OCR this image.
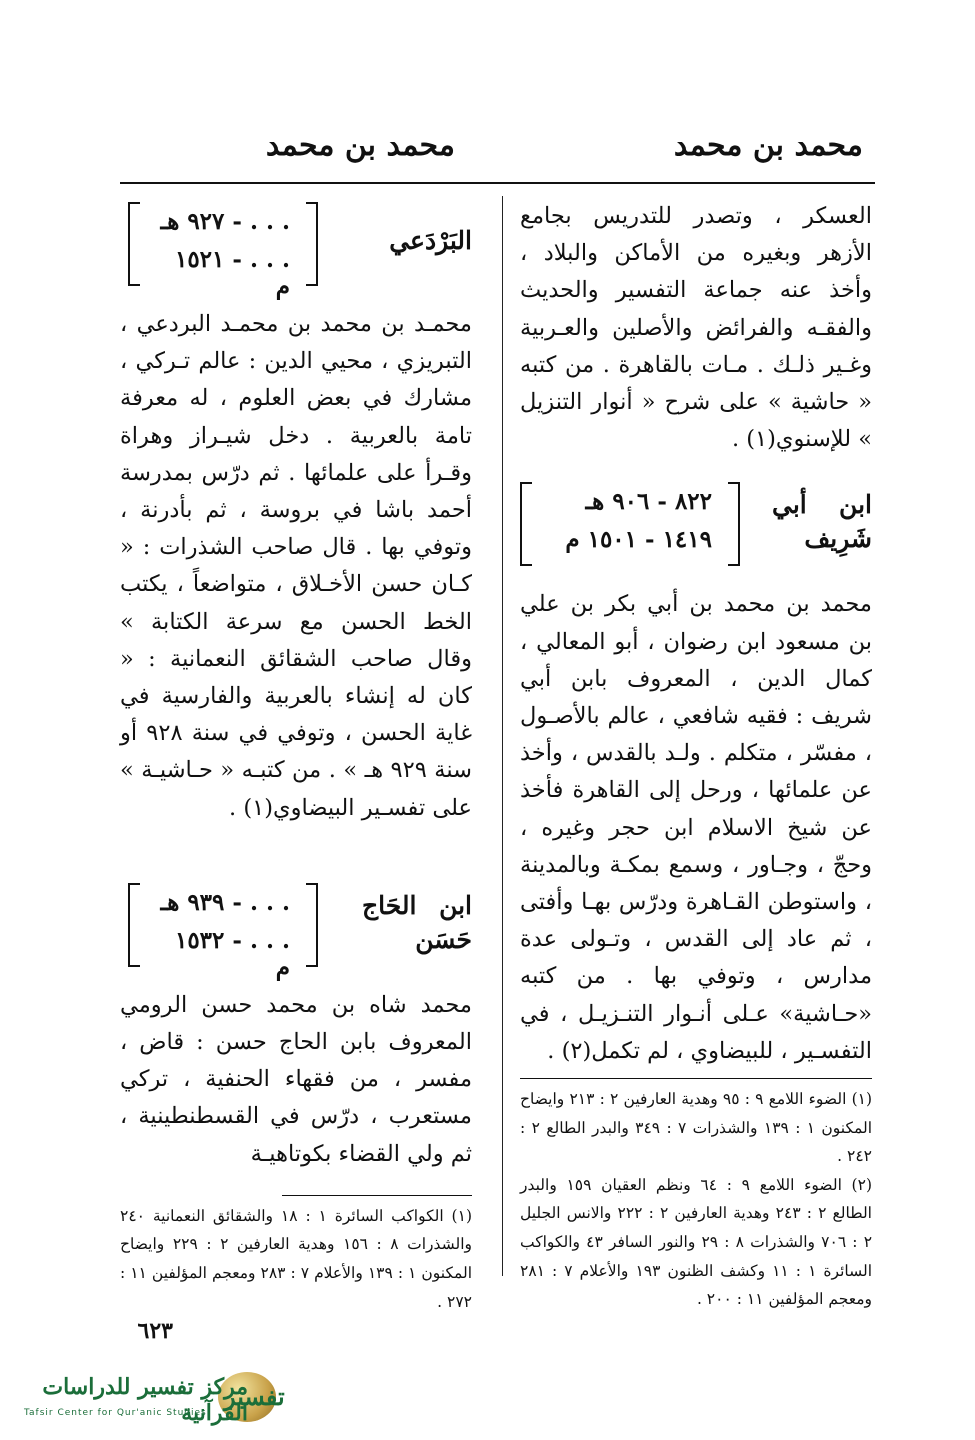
محمد بن محمد
محمد بن محمد

العسكر ، وتصدر للتدريس بجامع الأزهر وبغيره من الأماكن والبلاد ، وأخذ عنه جماعة التفسير والحديث والفقـه والفرائض والأصلين والعـربية وغـير ذلـك . مـات بالقاهرة . من كتبه « حاشية » على شرح « أنوار التنزيل » للإسنوي(١) .

ابن أبي شَرِيف
٨٢٢ - ٩٠٦ هـ
١٤١٩ - ١٥٠١ م

محمد بن محمد بن أبي بكر بن علي بن مسعود ابن رضوان ، أبو المعالي ، كمال الدين ، المعروف بابن أبي شريف : فقيه شافعي ، عالم بالأصـول ، مفسّر ، متكلم . ولـد بالقدس ، وأخذ عن علمائها ، ورحل إلى القاهرة فأخذ عن شيخ الاسلام ابن حجر وغيره ، وحجّ ، وجـاور ، وسمع بمكـة وبالمدينة ، واستوطن القـاهرة ودرّس بهـا وأفتى ، ثم عاد إلى القدس ، وتـولى عدة مدارس ، وتوفي بها . من كتبه «حـاشية» عـلى أنـوار التنـزيـل ، في التفسـير ، للبيضاوي ، لم تكمل(٢) .

(١) الضوء اللامع ٩ : ٩٥ وهدية العارفين ٢ : ٢١٣ وايضاح المكنون ١ : ١٣٩ والشذرات ٧ : ٣٤٩ والبدر الطالع ٢ : ٢٤٢ .

(٢) الضوء اللامع ٩ : ٦٤ ونظم العقيان ١٥٩ والبدر الطالع ٢ : ٢٤٣ وهدية العارفين ٢ : ٢٢٢ والانس الجليل ٢ : ٧٠٦ والشذرات ٨ : ٢٩ والنور السافر ٤٣ والكواكب السائرة ١ : ١١ وكشف الظنون ١٩٣ والأعلام ٧ : ٢٨١ ومعجم المؤلفين ١١ : ٢٠٠ .

البَرْدَعي
. . . - ٩٢٧ هـ
. . . - ١٥٢١ م

محمـد بن محمد بن محمـد البردعي ، التبريزي ، محيي الدين : عالم تـركي ، مشارك في بعض العلوم ، له معرفة تامة بالعربية . دخل شيـراز وهراة وقـرأ على علمائها . ثم درّس بمدرسة أحمد باشا في بروسة ، ثم بأدرنة ، وتوفي بها . قال صاحب الشذرات : « كـان حسن الأخـلاق ، متواضعاً ، يكتب الخط الحسن مع سرعة الكتابة » وقال صاحب الشقائق النعمانية : « كان له إنشاء بالعربية والفارسية في غاية الحسن ، وتوفي في سنة ٩٢٨ أو سنة ٩٢٩ هـ » . من كتبـه « حـاشيـة » على تفسـير البيضاوي(١) .

ابن الحَاج حَسَن
. . . - ٩٣٩ هـ
. . . - ١٥٣٢ م

محمد شاه بن محمد حسن الرومي المعروف بابن الحاج حسن : قاض ، مفسر ، من فقهاء الحنفية ، تركي مستعرب ، درّس في القسطنطينية ، ثم ولي القضاء بكوتاهيـة

(١) الكواكب السائرة ١ : ١٨ والشقائق النعمانية ٢٤٠ والشذرات ٨ : ١٥٦ وهدية العارفين ٢ : ٢٢٩ وايضاح المكنون ١ : ١٣٩ والأعلام ٧ : ٢٨٣ ومعجم المؤلفين ١١ : ٢٧٢ .

٦٢٣
تفسير
مركز تفسير للدراسات القرآنية
Tafsir Center for Qur'anic Studies
